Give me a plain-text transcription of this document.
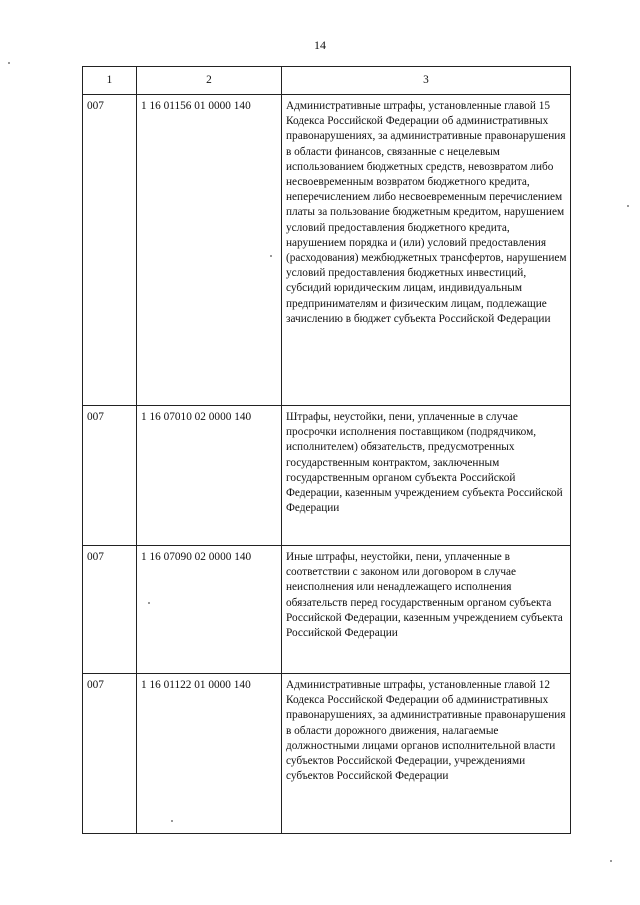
14
1	2	3
007	1 16 01156 01 0000 140	Административные штрафы, установленные главой 15 Кодекса Российской Федерации об административных правонарушениях, за административные правонарушения в области финансов, связанные с нецелевым использованием бюджетных средств, невозвратом либо несвоевременным возвратом бюджетного кредита, неперечислением либо несвоевременным перечислением платы за пользование бюджетным кредитом, нарушением условий предоставления бюджетного кредита, нарушением порядка и (или) условий предоставления (расходования) межбюджетных трансфертов, нарушением условий предоставления бюджетных инвестиций, субсидий юридическим лицам, индивидуальным предпринимателям и физическим лицам, подлежащие зачислению в бюджет субъекта Российской Федерации
007	1 16 07010 02 0000 140	Штрафы, неустойки, пени, уплаченные в случае просрочки исполнения поставщиком (подрядчиком, исполнителем) обязательств, предусмотренных государственным контрактом, заключенным государственным органом субъекта Российской Федерации, казенным учреждением субъекта Российской Федерации
007	1 16 07090 02 0000 140	Иные штрафы, неустойки, пени, уплаченные в соответствии с законом или договором в случае неисполнения или ненадлежащего исполнения обязательств перед государственным органом субъекта Российской Федерации, казенным учреждением субъекта Российской Федерации
007	1 16 01122 01 0000 140	Административные штрафы, установленные главой 12 Кодекса Российской Федерации об административных правонарушениях, за административные правонарушения в области дорожного движения, налагаемые должностными лицами органов исполнительной власти субъектов Российской Федерации, учреждениями субъектов Российской Федерации
